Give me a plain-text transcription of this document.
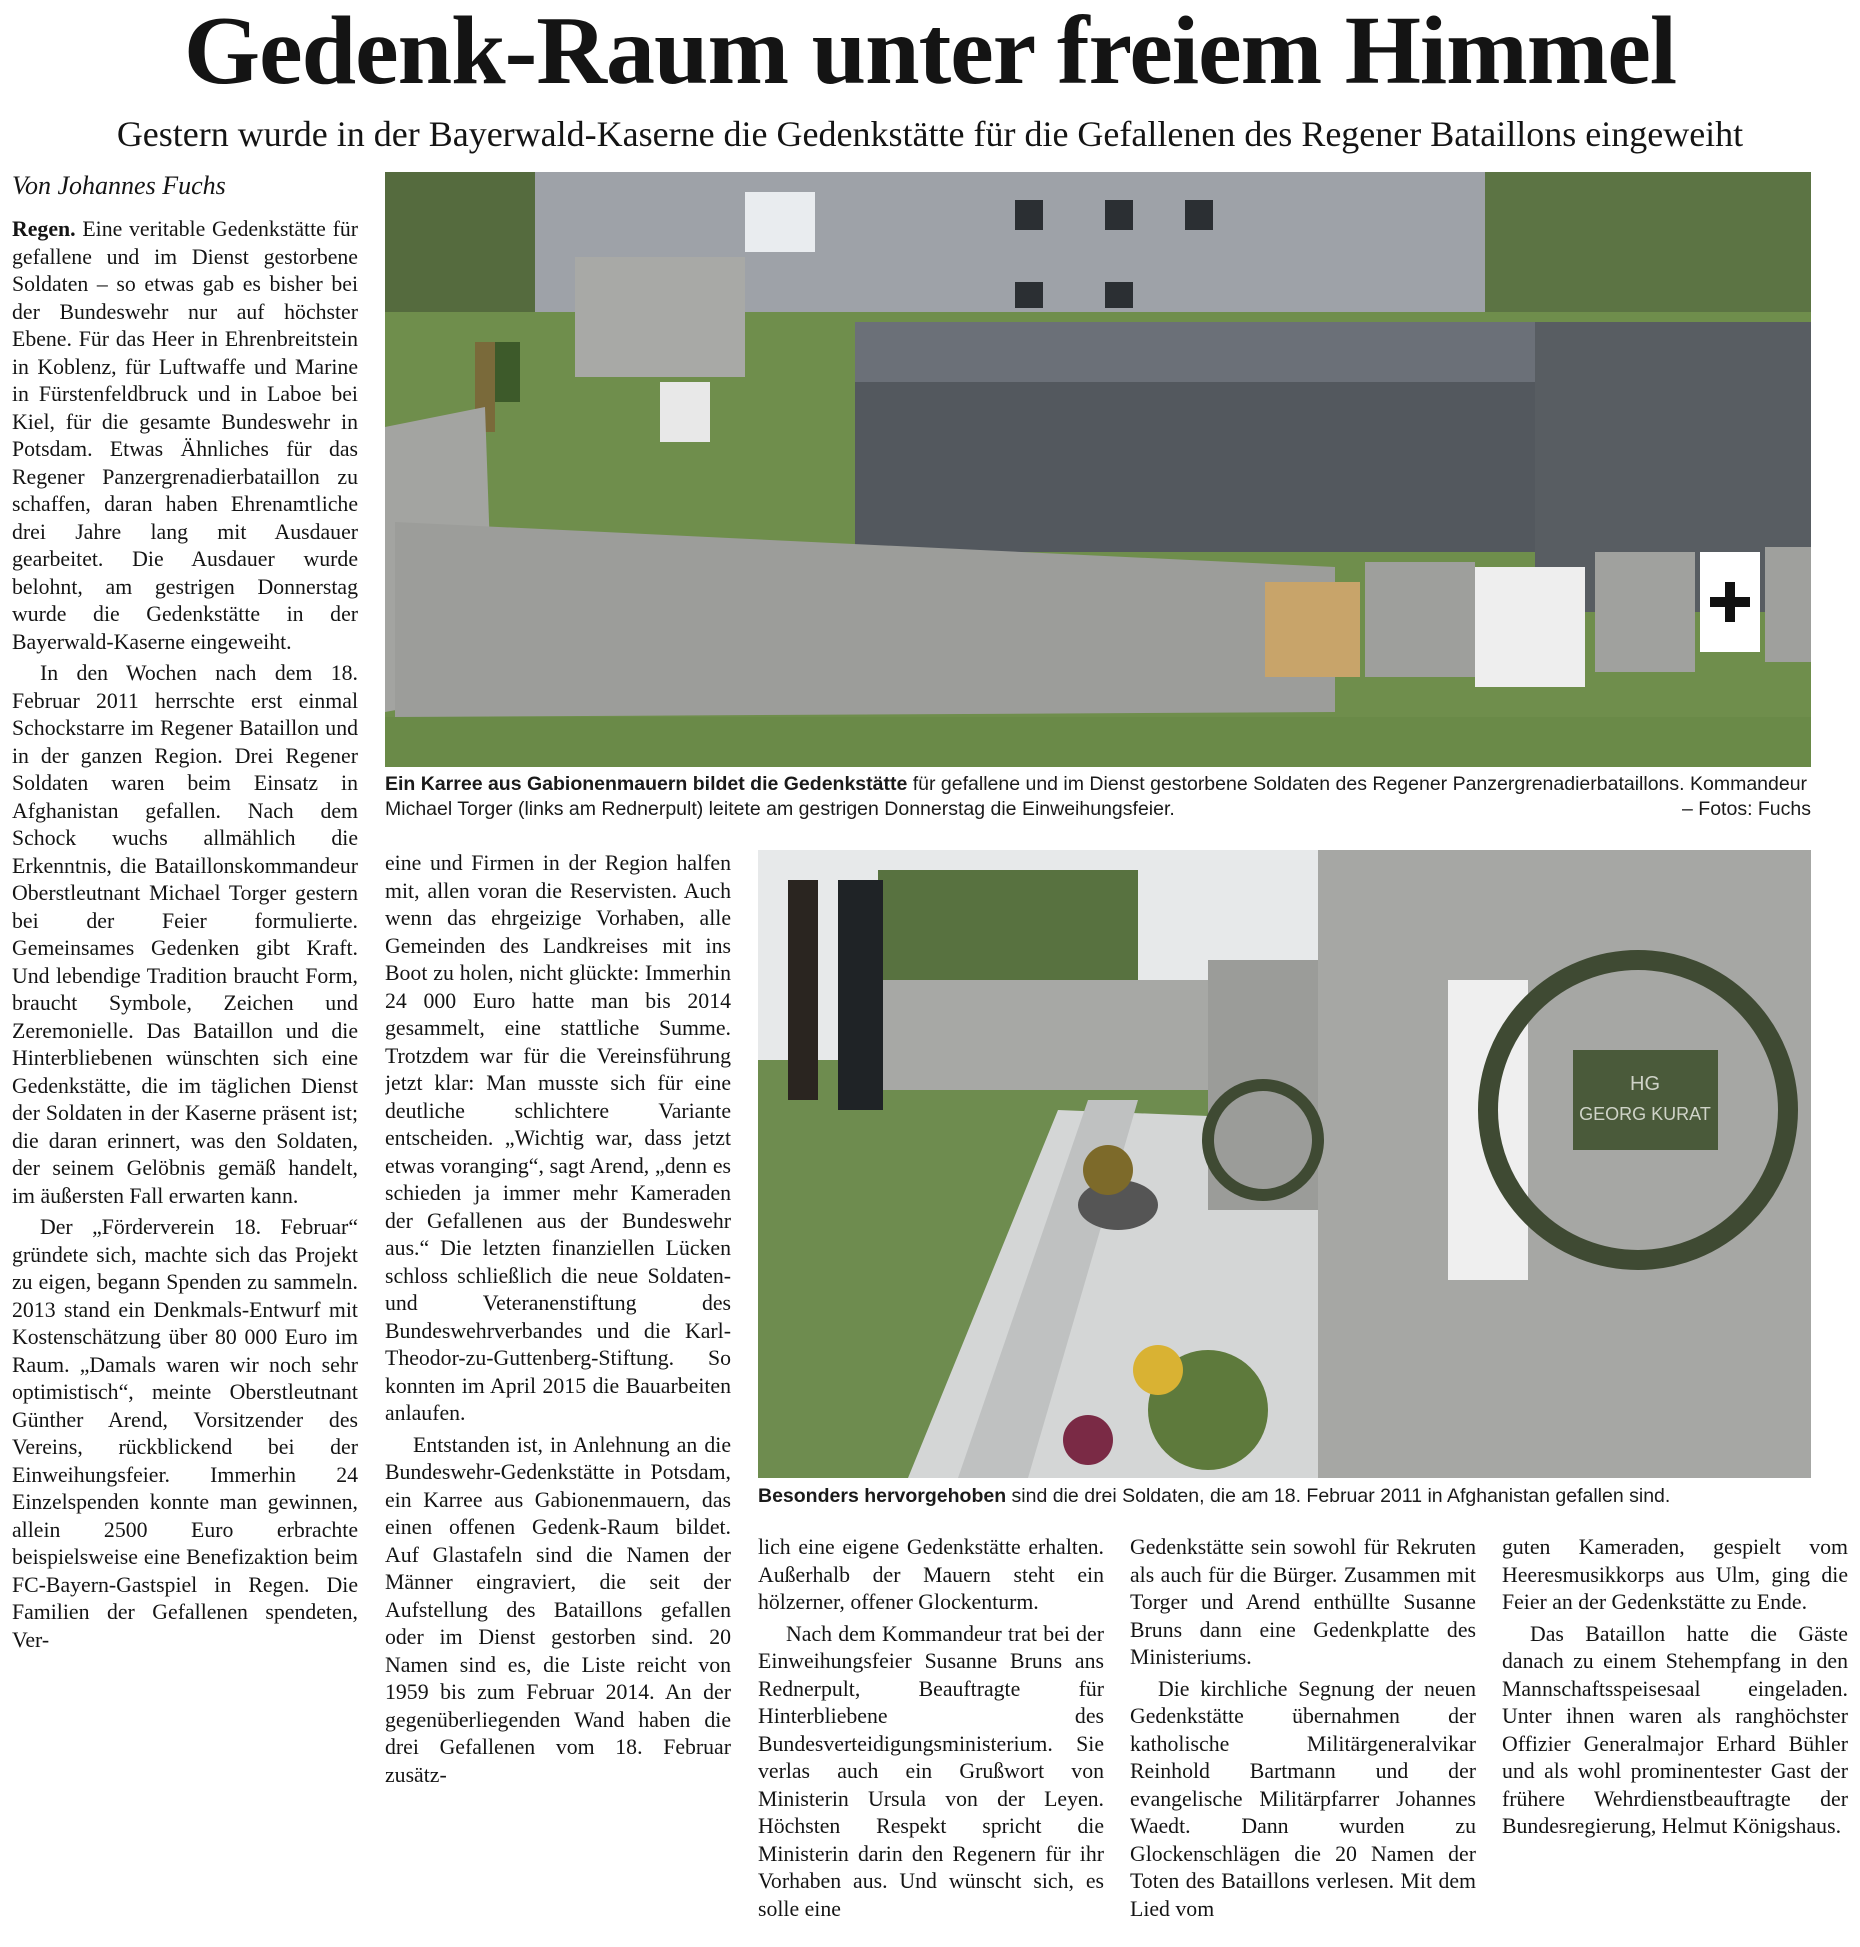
Gedenk-Raum unter freiem Himmel
Gestern wurde in der Bayerwald-Kaserne die Gedenkstätte für die Gefallenen des Regener Bataillons eingeweiht
Von Johannes Fuchs

Regen. Eine veritable Gedenkstätte für gefallene und im Dienst gestorbene Soldaten – so etwas gab es bisher bei der Bundeswehr nur auf höchster Ebene. Für das Heer in Ehrenbreitstein in Koblenz, für Luftwaffe und Marine in Fürstenfeldbruck und in Laboe bei Kiel, für die gesamte Bundeswehr in Potsdam. Etwas Ähnliches für das Regener Panzergrenadierbataillon zu schaffen, daran haben Ehrenamtliche drei Jahre lang mit Ausdauer gearbeitet. Die Ausdauer wurde belohnt, am gestrigen Donnerstag wurde die Gedenkstätte in der Bayerwald-Kaserne eingeweiht.

In den Wochen nach dem 18. Februar 2011 herrschte erst einmal Schockstarre im Regener Bataillon und in der ganzen Region. Drei Regener Soldaten waren beim Einsatz in Afghanistan gefallen. Nach dem Schock wuchs allmählich die Erkenntnis, die Bataillonskommandeur Oberstleutnant Michael Torger gestern bei der Feier formulierte. Gemeinsames Gedenken gibt Kraft. Und lebendige Tradition braucht Form, braucht Symbole, Zeichen und Zeremonielle. Das Bataillon und die Hinterbliebenen wünschten sich eine Gedenkstätte, die im täglichen Dienst der Soldaten in der Kaserne präsent ist; die daran erinnert, was den Soldaten, der seinem Gelöbnis gemäß handelt, im äußersten Fall erwarten kann.

Der „Förderverein 18. Februar“ gründete sich, machte sich das Projekt zu eigen, begann Spenden zu sammeln. 2013 stand ein Denkmals-Entwurf mit Kostenschätzung über 80 000 Euro im Raum. „Damals waren wir noch sehr optimistisch“, meinte Oberstleutnant Günther Arend, Vorsitzender des Vereins, rückblickend bei der Einweihungsfeier. Immerhin 24 Einzelspenden konnte man gewinnen, allein 2500 Euro erbrachte beispielsweise eine Benefizaktion beim FC-Bayern-Gastspiel in Regen. Die Familien der Gefallenen spendeten, Ver-

Ein Karree aus Gabionenmauern bildet die Gedenkstätte für gefallene und im Dienst gestorbene Soldaten des Regener Panzergrenadierbataillons. Kommandeur Michael Torger (links am Rednerpult) leitete am gestrigen Donnerstag die Einweihungsfeier.	– Fotos: Fuchs

eine und Firmen in der Region halfen mit, allen voran die Reservisten. Auch wenn das ehrgeizige Vorhaben, alle Gemeinden des Landkreises mit ins Boot zu holen, nicht glückte: Immerhin 24 000 Euro hatte man bis 2014 gesammelt, eine stattliche Summe. Trotzdem war für die Vereinsführung jetzt klar: Man musste sich für eine deutliche schlichtere Variante entscheiden. „Wichtig war, dass jetzt etwas voranging“, sagt Arend, „denn es schieden ja immer mehr Kameraden der Gefallenen aus der Bundeswehr aus.“ Die letzten finanziellen Lücken schloss schließlich die neue Soldaten- und Veteranenstiftung des Bundeswehrverbandes und die Karl-Theodor-zu-Guttenberg-Stiftung. So konnten im April 2015 die Bauarbeiten anlaufen.

Entstanden ist, in Anlehnung an die Bundeswehr-Gedenkstätte in Potsdam, ein Karree aus Gabionenmauern, das einen offenen Gedenk-Raum bildet. Auf Glastafeln sind die Namen der Männer eingraviert, die seit der Aufstellung des Bataillons gefallen oder im Dienst gestorben sind. 20 Namen sind es, die Liste reicht von 1959 bis zum Februar 2014. An der gegenüberliegenden Wand haben die drei Gefallenen vom 18. Februar zusätz-

HG
GEORG KURAT
Besonders hervorgehoben sind die drei Soldaten, die am 18. Februar 2011 in Afghanistan gefallen sind.

lich eine eigene Gedenkstätte erhalten. Außerhalb der Mauern steht ein hölzerner, offener Glockenturm.

Nach dem Kommandeur trat bei der Einweihungsfeier Susanne Bruns ans Rednerpult, Beauftragte für Hinterbliebene des Bundesverteidigungsministerium. Sie verlas auch ein Grußwort von Ministerin Ursula von der Leyen. Höchsten Respekt spricht die Ministerin darin den Regenern für ihr Vorhaben aus. Und wünscht sich, es solle eine

Gedenkstätte sein sowohl für Rekruten als auch für die Bürger. Zusammen mit Torger und Arend enthüllte Susanne Bruns dann eine Gedenkplatte des Ministeriums.

Die kirchliche Segnung der neuen Gedenkstätte übernahmen der katholische Militärgeneralvikar Reinhold Bartmann und der evangelische Militärpfarrer Johannes Waedt. Dann wurden zu Glockenschlägen die 20 Namen der Toten des Bataillons verlesen. Mit dem Lied vom

guten Kameraden, gespielt vom Heeresmusikkorps aus Ulm, ging die Feier an der Gedenkstätte zu Ende.

Das Bataillon hatte die Gäste danach zu einem Stehempfang in den Mannschaftsspeisesaal eingeladen. Unter ihnen waren als ranghöchster Offizier Generalmajor Erhard Bühler und als wohl prominentester Gast der frühere Wehrdienstbeauftragte der Bundesregierung, Helmut Königshaus.
